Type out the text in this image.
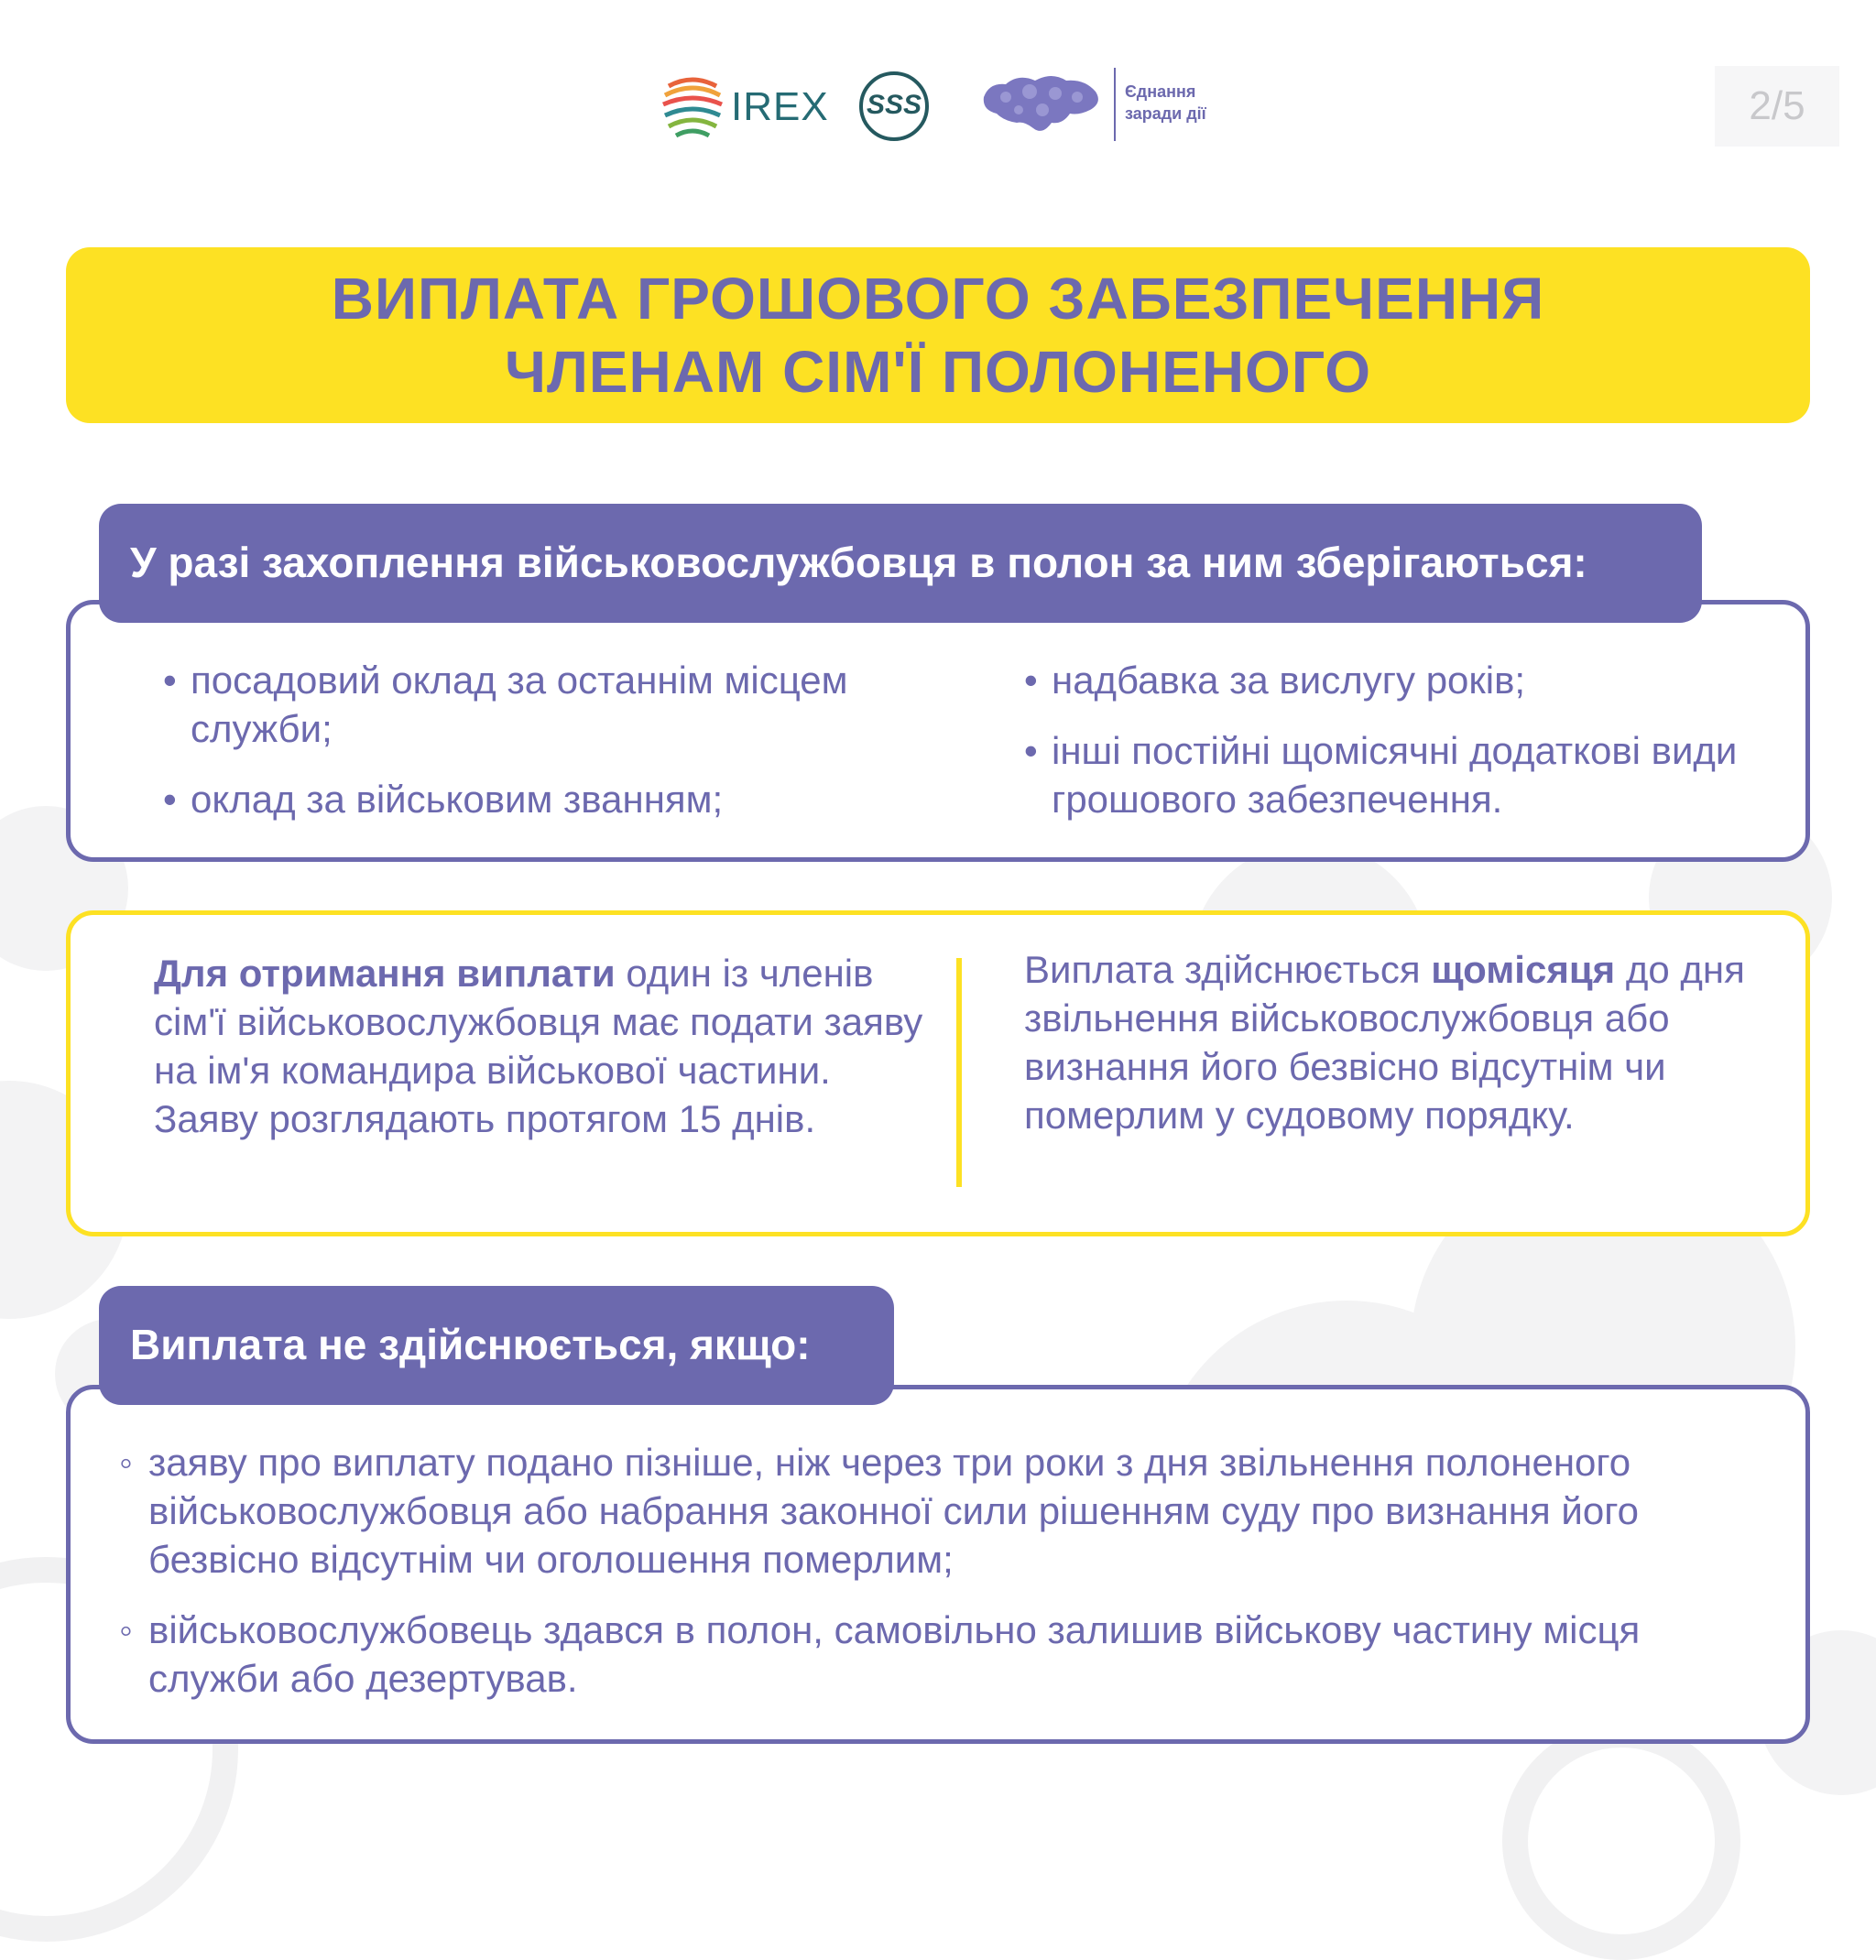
IREX	SSS	Єднання
заради дії	2/5
ВИПЛАТА ГРОШОВОГО ЗАБЕЗПЕЧЕННЯ
ЧЛЕНАМ СІМ'Ї ПОЛОНЕНОГО
У разі захоплення військовослужбовця в полон за ним зберігаються:
• посадовий оклад за останнім місцем служби;
• оклад за військовим званням;
• надбавка за вислугу років;
• інші постійні щомісячні додаткові види грошового забезпечення.
Для отримання виплати один із членів сім'ї військовослужбовця має подати заяву на ім'я командира військової частини. Заяву розглядають протягом 15 днів.
Виплата здійснюється щомісяця до дня звільнення військовослужбовця або визнання його безвісно відсутнім чи померлим у судовому порядку.
Виплата не здійснюється, якщо:
◦ заяву про виплату подано пізніше, ніж через три роки з дня звільнення полоненого військовослужбовця або набрання законної сили рішенням суду про визнання його безвісно відсутнім чи оголошення померлим;
◦ військовослужбовець здався в полон, самовільно залишив військову частину місця служби або дезертував.
